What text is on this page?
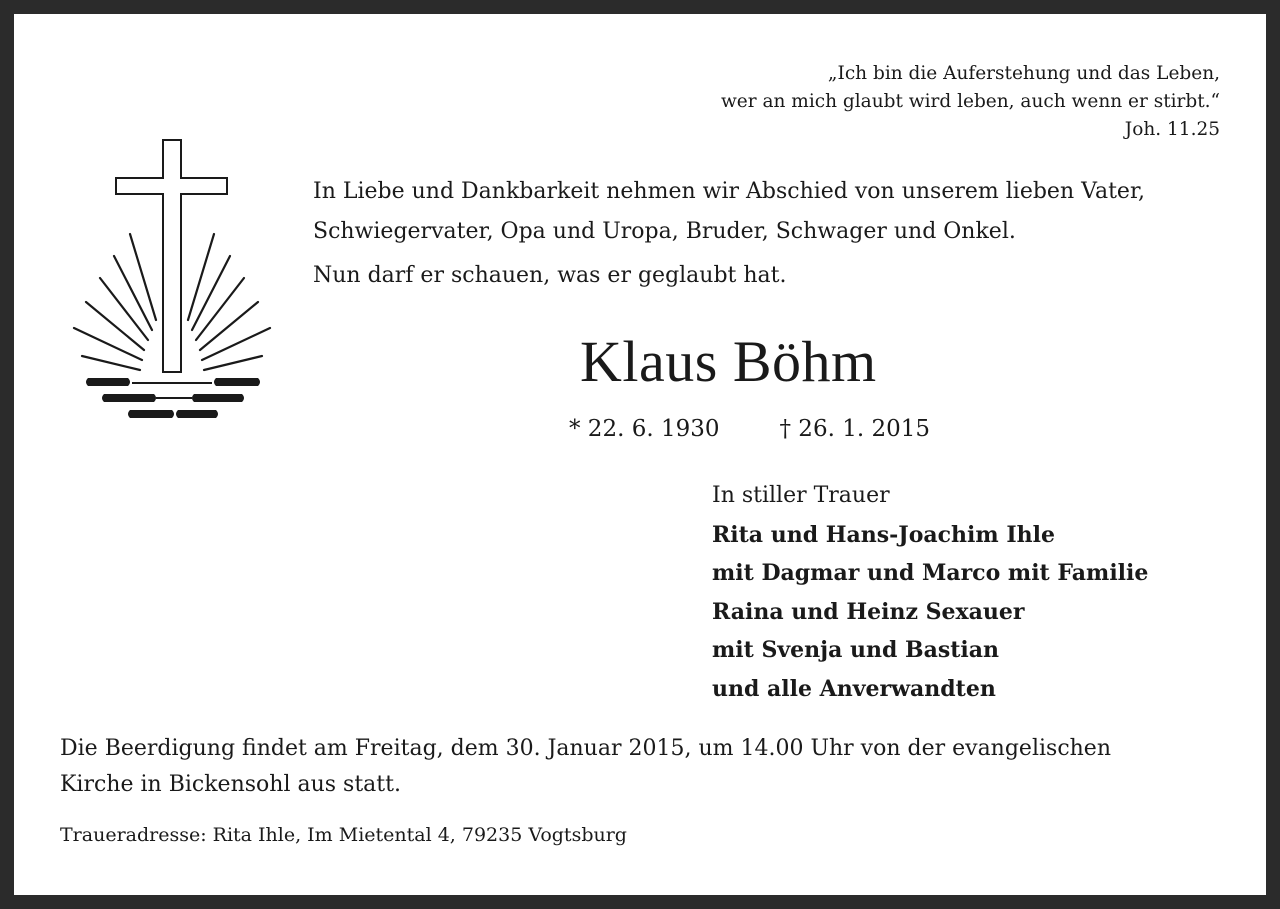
„Ich bin die Auferstehung und das Leben,
wer an mich glaubt wird leben, auch wenn er stirbt.“
Joh. 11.25

In Liebe und Dankbarkeit nehmen wir Abschied von unserem lieben Vater,
Schwiegervater, Opa und Uropa, Bruder, Schwager und Onkel.

Nun darf er schauen, was er geglaubt hat.

Klaus Böhm

* 22. 6. 1930	† 26. 1. 2015

In stiller Trauer
Rita und Hans-Joachim Ihle
mit Dagmar und Marco mit Familie
Raina und Heinz Sexauer
mit Svenja und Bastian
und alle Anverwandten

Die Beerdigung findet am Freitag, dem 30. Januar 2015, um 14.00 Uhr von der evangelischen
Kirche in Bickensohl aus statt.

Traueradresse: Rita Ihle, Im Mietental 4, 79235 Vogtsburg
